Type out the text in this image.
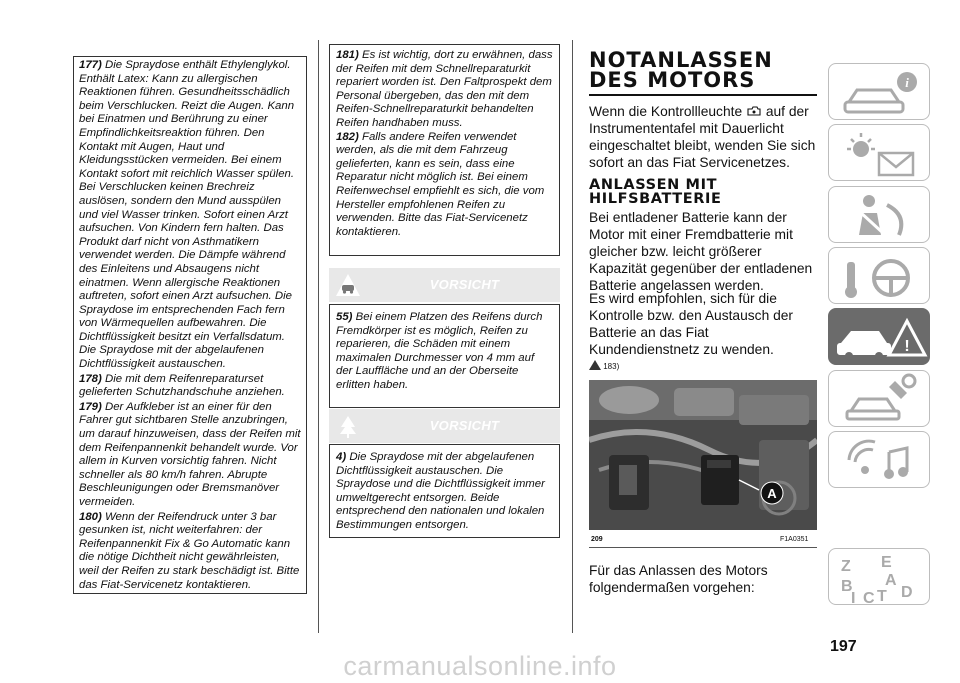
177) Die Spraydose enthält Ethylenglykol. Enthält Latex: Kann zu allergischen Reaktionen führen. Gesundheitsschädlich beim Verschlucken. Reizt die Augen. Kann bei Einatmen und Berührung zu einer Empfindlichkeitsreaktion führen. Den Kontakt mit Augen, Haut und Kleidungsstücken vermeiden. Bei einem Kontakt sofort mit reichlich Wasser spülen. Bei Verschlucken keinen Brechreiz auslösen, sondern den Mund ausspülen und viel Wasser trinken. Sofort einen Arzt aufsuchen. Von Kindern fern halten. Das Produkt darf nicht von Asthmatikern verwendet werden. Die Dämpfe während des Einleitens und Absaugens nicht einatmen. Wenn allergische Reaktionen auftreten, sofort einen Arzt aufsuchen. Die Spraydose im entsprechenden Fach fern von Wärmequellen aufbewahren. Die Dichtflüssigkeit besitzt ein Verfallsdatum. Die Spraydose mit der abgelaufenen Dichtflüssigkeit austauschen.

178) Die mit dem Reifenreparaturset gelieferten Schutzhandschuhe anziehen.

179) Der Aufkleber ist an einer für den Fahrer gut sichtbaren Stelle anzubringen, um darauf hinzuweisen, dass der Reifen mit dem Reifenpannenkit behandelt wurde. Vor allem in Kurven vorsichtig fahren. Nicht schneller als 80 km/h fahren. Abrupte Beschleunigungen oder Bremsmanöver vermeiden.

180) Wenn der Reifendruck unter 3 bar gesunken ist, nicht weiterfahren: der Reifenpannenkit Fix & Go Automatic kann die nötige Dichtheit nicht gewährleisten, weil der Reifen zu stark beschädigt ist. Bitte das Fiat-Servicenetz kontaktieren.

181) Es ist wichtig, dort zu erwähnen, dass der Reifen mit dem Schnellreparaturkit repariert worden ist. Den Faltprospekt dem Personal übergeben, das den mit dem Reifen-Schnellreparaturkit behandelten Reifen handhaben muss.

182) Falls andere Reifen verwendet werden, als die mit dem Fahrzeug gelieferten, kann es sein, dass eine Reparatur nicht möglich ist. Bei einem Reifenwechsel empfiehlt es sich, die vom Hersteller empfohlenen Reifen zu verwenden. Bitte das Fiat-Servicenetz kontaktieren.

VORSICHT

55) Bei einem Platzen des Reifens durch Fremdkörper ist es möglich, Reifen zu reparieren, die Schäden mit einem maximalen Durchmesser von 4 mm auf der Lauffläche und an der Oberseite erlitten haben.

VORSICHT

4) Die Spraydose mit der abgelaufenen Dichtflüssigkeit austauschen. Die Spraydose und die Dichtflüssigkeit immer umweltgerecht entsorgen. Beide entsprechend den nationalen und lokalen Bestimmungen entsorgen.

NOTANLASSEN DES MOTORS

Wenn die Kontrollleuchte auf der Instrumententafel mit Dauerlicht eingeschaltet bleibt, wenden Sie sich sofort an das Fiat Servicenetzes.

ANLASSEN MIT HILFSBATTERIE

Bei entladener Batterie kann der Motor mit einer Fremdbatterie mit gleicher bzw. leicht größerer Kapazität gegenüber der entladenen Batterie angelassen werden.

Es wird empfohlen, sich für die Kontrolle bzw. den Austausch der Batterie an das Fiat Kundendienstnetz zu wenden.

183)
A
209	F1A0351

Für das Anlassen des Motors folgendermaßen vorgehen:

i
!
Z E
B A
I C T D
197
carmanualsonline.info
